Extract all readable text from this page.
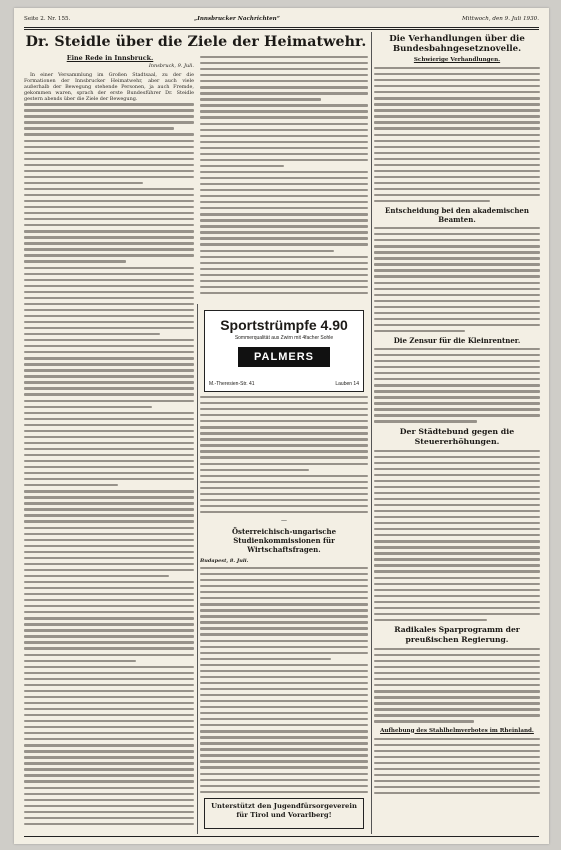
Seite 2. Nr. 155.	„Innsbrucker Nachrichten“	Mittwoch, den 9. Juli 1930.
Dr. Steidle über die Ziele der Heimatwehr.
Eine Rede in Innsbruck.
Innsbruck, 9. Juli.

In einer Versammlung im Großen Stadtsaal, zu der die Formationen der Innsbrucker Heimatwehr, aber auch viele außerhalb der Bewegung stehende Personen, ja auch Fremde, gekommen waren, sprach der erste Bundesführer Dr. Steidle gestern abends über die Ziele der Bewegung.

Sportstrümpfe 4.90
Sommerqualität aus Zwirn mit 4facher Sohle
PALMERS
M.-Theresien-Str. 41	Lauben 14
—
Österreichisch-ungarische Studienkommissionen für Wirtschaftsfragen.
Budapest, 8. Juli.
Unterstützt den Jugendfürsorgeverein für Tirol und Vorarlberg!
Die Verhandlungen über die Bundesbahngesetznovelle.
Schwierige Verhandlungen.
Entscheidung bei den akademischen Beamten.
Die Zensur für die Kleinrentner.
Der Städtebund gegen die Steuererhöhungen.
Radikales Sparprogramm der preußischen Regierung.
Aufhebung des Stahlhelmverbotes im Rheinland.
